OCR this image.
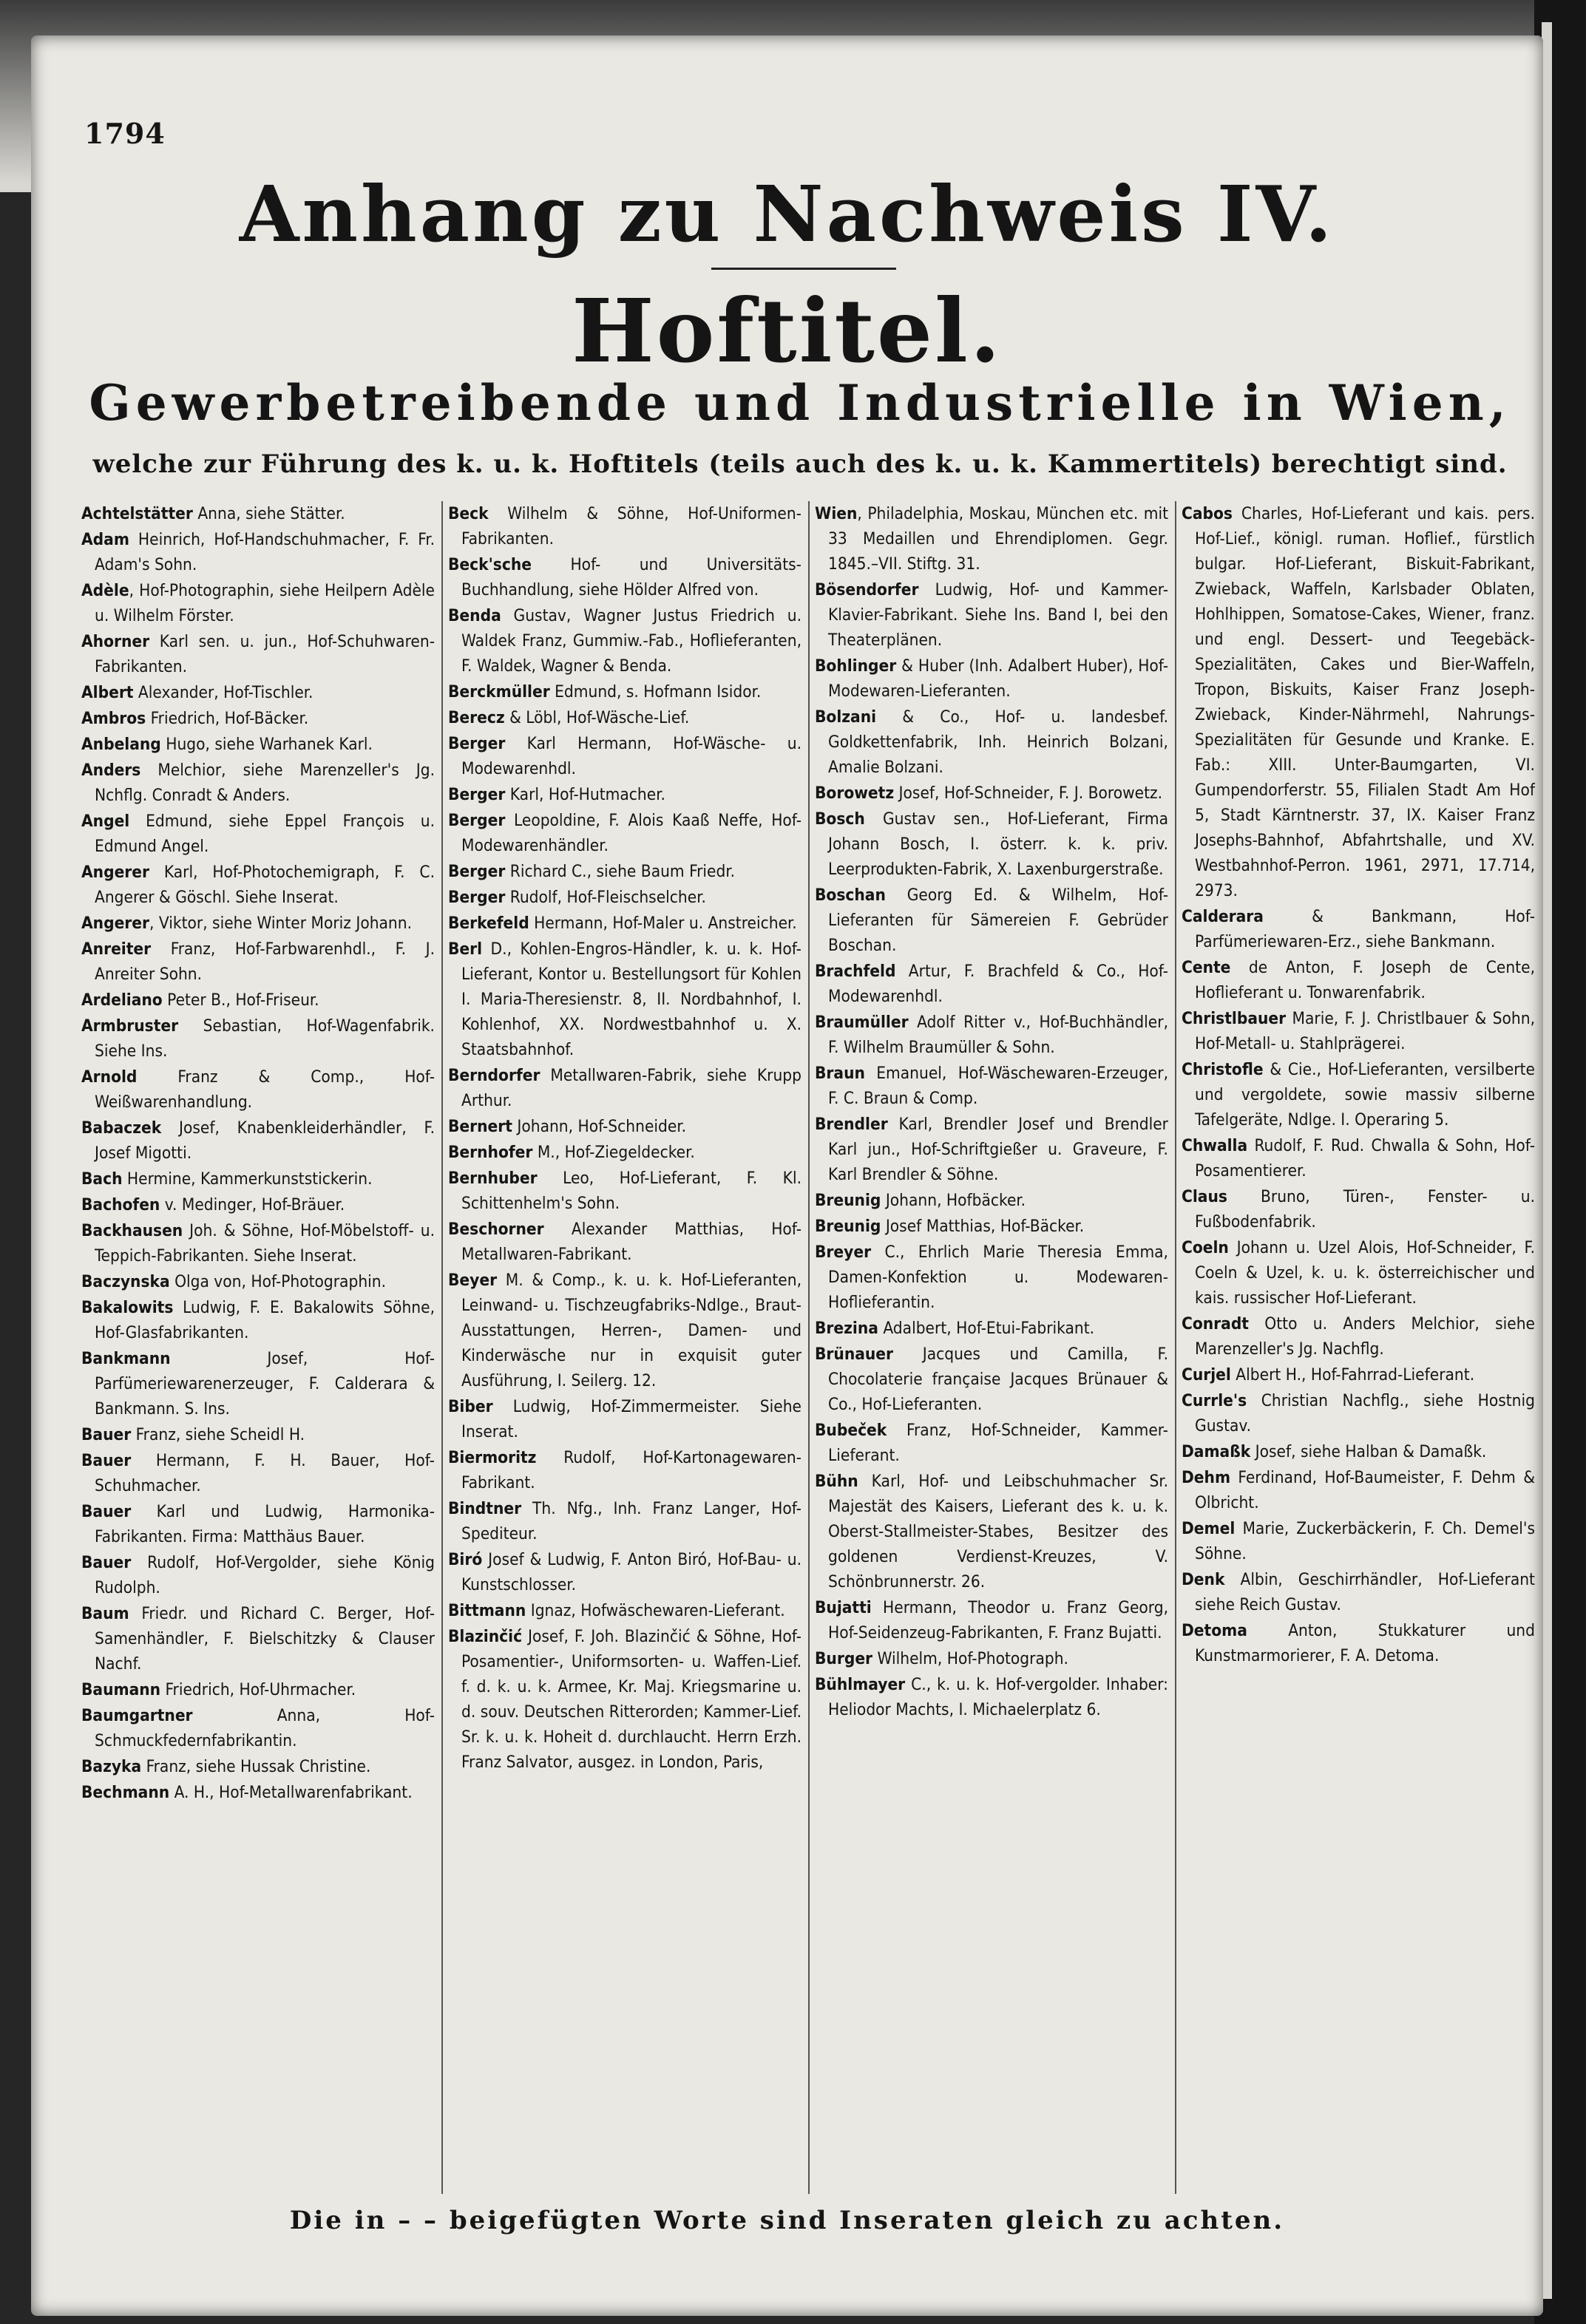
1794
Anhang zu Nachweis IV.
Hoftitel.
Gewerbetreibende und Industrielle in Wien,
welche zur Führung des k. u. k. Hoftitels (teils auch des k. u. k. Kammertitels) berechtigt sind.
Achtelstätter Anna, siehe Stätter.
Adam Heinrich, Hof-Handschuhmacher, F. Fr. Adam's Sohn.
Adèle, Hof-Photographin, siehe Heilpern Adèle u. Wilhelm Förster.
Ahorner Karl sen. u. jun., Hof-Schuhwaren-Fabrikanten.
Albert Alexander, Hof-Tischler.
Ambros Friedrich, Hof-Bäcker.
Anbelang Hugo, siehe Warhanek Karl.
Anders Melchior, siehe Marenzeller's Jg. Nchflg. Conradt & Anders.
Angel Edmund, siehe Eppel François u. Edmund Angel.
Angerer Karl, Hof-Photochemigraph, F. C. Angerer & Göschl. Siehe Inserat.
Angerer, Viktor, siehe Winter Moriz Johann.
Anreiter Franz, Hof-Farbwarenhdl., F. J. Anreiter Sohn.
Ardeliano Peter B., Hof-Friseur.
Armbruster Sebastian, Hof-Wagenfabrik. Siehe Ins.
Arnold Franz & Comp., Hof-Weißwarenhandlung.
Babaczek Josef, Knabenkleiderhändler, F. Josef Migotti.
Bach Hermine, Kammerkunststickerin.
Bachofen v. Medinger, Hof-Bräuer.
Backhausen Joh. & Söhne, Hof-Möbelstoff- u. Teppich-Fabrikanten. Siehe Inserat.
Baczynska Olga von, Hof-Photographin.
Bakalowits Ludwig, F. E. Bakalowits Söhne, Hof-Glasfabrikanten.
Bankmann Josef, Hof-Parfümeriewarenerzeuger, F. Calderara & Bankmann. S. Ins.
Bauer Franz, siehe Scheidl H.
Bauer Hermann, F. H. Bauer, Hof-Schuhmacher.
Bauer Karl und Ludwig, Harmonika-Fabrikanten. Firma: Matthäus Bauer.
Bauer Rudolf, Hof-Vergolder, siehe König Rudolph.
Baum Friedr. und Richard C. Berger, Hof-Samenhändler, F. Bielschitzky & Clauser Nachf.
Baumann Friedrich, Hof-Uhrmacher.
Baumgartner Anna, Hof-Schmuckfedernfabrikantin.
Bazyka Franz, siehe Hussak Christine.
Bechmann A. H., Hof-Metallwarenfabrikant.
Beck Wilhelm & Söhne, Hof-Uniformen-Fabrikanten.
Beck'sche Hof- und Universitäts-Buchhandlung, siehe Hölder Alfred von.
Benda Gustav, Wagner Justus Friedrich u. Waldek Franz, Gummiw.-Fab., Hoflieferanten, F. Waldek, Wagner & Benda.
Berckmüller Edmund, s. Hofmann Isidor.
Berecz & Löbl, Hof-Wäsche-Lief.
Berger Karl Hermann, Hof-Wäsche- u. Modewarenhdl.
Berger Karl, Hof-Hutmacher.
Berger Leopoldine, F. Alois Kaaß Neffe, Hof-Modewarenhändler.
Berger Richard C., siehe Baum Friedr.
Berger Rudolf, Hof-Fleischselcher.
Berkefeld Hermann, Hof-Maler u. Anstreicher.
Berl D., Kohlen-Engros-Händler, k. u. k. Hof-Lieferant, Kontor u. Bestellungsort für Kohlen I. Maria-Theresienstr. 8, II. Nordbahnhof, I. Kohlenhof, XX. Nordwestbahnhof u. X. Staatsbahnhof.
Berndorfer Metallwaren-Fabrik, siehe Krupp Arthur.
Bernert Johann, Hof-Schneider.
Bernhofer M., Hof-Ziegeldecker.
Bernhuber Leo, Hof-Lieferant, F. Kl. Schittenhelm's Sohn.
Beschorner Alexander Matthias, Hof-Metallwaren-Fabrikant.
Beyer M. & Comp., k. u. k. Hof-Lieferanten, Leinwand- u. Tischzeugfabriks-Ndlge., Braut-Ausstattungen, Herren-, Damen- und Kinderwäsche nur in exquisit guter Ausführung, I. Seilerg. 12.
Biber Ludwig, Hof-Zimmermeister. Siehe Inserat.
Biermoritz Rudolf, Hof-Kartonagewaren-Fabrikant.
Bindtner Th. Nfg., Inh. Franz Langer, Hof-Spediteur.
Biró Josef & Ludwig, F. Anton Biró, Hof-Bau- u. Kunstschlosser.
Bittmann Ignaz, Hofwäschewaren-Lieferant.
Blazinčić Josef, F. Joh. Blazinčić & Söhne, Hof-Posamentier-, Uniformsorten- u. Waffen-Lief. f. d. k. u. k. Armee, Kr. Maj. Kriegsmarine u. d. souv. Deutschen Ritterorden; Kammer-Lief. Sr. k. u. k. Hoheit d. durchlaucht. Herrn Erzh. Franz Salvator, ausgez. in London, Paris,
Wien, Philadelphia, Moskau, München etc. mit 33 Medaillen und Ehrendiplomen. Gegr. 1845.–VII. Stiftg. 31.
Bösendorfer Ludwig, Hof- und Kammer-Klavier-Fabrikant. Siehe Ins. Band I, bei den Theaterplänen.
Bohlinger & Huber (Inh. Adalbert Huber), Hof-Modewaren-Lieferanten.
Bolzani & Co., Hof- u. landesbef. Goldkettenfabrik, Inh. Heinrich Bolzani, Amalie Bolzani.
Borowetz Josef, Hof-Schneider, F. J. Borowetz.
Bosch Gustav sen., Hof-Lieferant, Firma Johann Bosch, I. österr. k. k. priv. Leerprodukten-Fabrik, X. Laxenburgerstraße.
Boschan Georg Ed. & Wilhelm, Hof-Lieferanten für Sämereien F. Gebrüder Boschan.
Brachfeld Artur, F. Brachfeld & Co., Hof-Modewarenhdl.
Braumüller Adolf Ritter v., Hof-Buchhändler, F. Wilhelm Braumüller & Sohn.
Braun Emanuel, Hof-Wäschewaren-Erzeuger, F. C. Braun & Comp.
Brendler Karl, Brendler Josef und Brendler Karl jun., Hof-Schriftgießer u. Graveure, F. Karl Brendler & Söhne.
Breunig Johann, Hofbäcker.
Breunig Josef Matthias, Hof-Bäcker.
Breyer C., Ehrlich Marie Theresia Emma, Damen-Konfektion u. Modewaren-Hoflieferantin.
Brezina Adalbert, Hof-Etui-Fabrikant.
Brünauer Jacques und Camilla, F. Chocolaterie française Jacques Brünauer & Co., Hof-Lieferanten.
Bubeček Franz, Hof-Schneider, Kammer-Lieferant.
Bühn Karl, Hof- und Leibschuhmacher Sr. Majestät des Kaisers, Lieferant des k. u. k. Oberst-Stallmeister-Stabes, Besitzer des goldenen Verdienst-Kreuzes, V. Schönbrunnerstr. 26.
Bujatti Hermann, Theodor u. Franz Georg, Hof-Seidenzeug-Fabrikanten, F. Franz Bujatti.
Burger Wilhelm, Hof-Photograph.
Bühlmayer C., k. u. k. Hof-vergolder. Inhaber: Heliodor Machts, I. Michaelerplatz 6.
Cabos Charles, Hof-Lieferant und kais. pers. Hof-Lief., königl. ruman. Hoflief., fürstlich bulgar. Hof-Lieferant, Biskuit-Fabrikant, Zwieback, Waffeln, Karlsbader Oblaten, Hohlhippen, Somatose-Cakes, Wiener, franz. und engl. Dessert- und Teegebäck-Spezialitäten, Cakes und Bier-Waffeln, Tropon, Biskuits, Kaiser Franz Joseph-Zwieback, Kinder-Nährmehl, Nahrungs-Spezialitäten für Gesunde und Kranke. E. Fab.: XIII. Unter-Baumgarten, VI. Gumpendorferstr. 55, Filialen Stadt Am Hof 5, Stadt Kärntnerstr. 37, IX. Kaiser Franz Josephs-Bahnhof, Abfahrtshalle, und XV. Westbahnhof-Perron. 1961, 2971, 17.714, 2973.
Calderara & Bankmann, Hof-Parfümeriewaren-Erz., siehe Bankmann.
Cente de Anton, F. Joseph de Cente, Hoflieferant u. Tonwarenfabrik.
Christlbauer Marie, F. J. Christlbauer & Sohn, Hof-Metall- u. Stahlprägerei.
Christofle & Cie., Hof-Lieferanten, versilberte und vergoldete, sowie massiv silberne Tafelgeräte, Ndlge. I. Operaring 5.
Chwalla Rudolf, F. Rud. Chwalla & Sohn, Hof-Posamentierer.
Claus Bruno, Türen-, Fenster- u. Fußbodenfabrik.
Coeln Johann u. Uzel Alois, Hof-Schneider, F. Coeln & Uzel, k. u. k. österreichischer und kais. russischer Hof-Lieferant.
Conradt Otto u. Anders Melchior, siehe Marenzeller's Jg. Nachflg.
Curjel Albert H., Hof-Fahrrad-Lieferant.
Currle's Christian Nachflg., siehe Hostnig Gustav.
Damaßk Josef, siehe Halban & Damaßk.
Dehm Ferdinand, Hof-Baumeister, F. Dehm & Olbricht.
Demel Marie, Zuckerbäckerin, F. Ch. Demel's Söhne.
Denk Albin, Geschirrhändler, Hof-Lieferant siehe Reich Gustav.
Detoma Anton, Stukkaturer und Kunstmarmorierer, F. A. Detoma.
Die in – – beigefügten Worte sind Inseraten gleich zu achten.
